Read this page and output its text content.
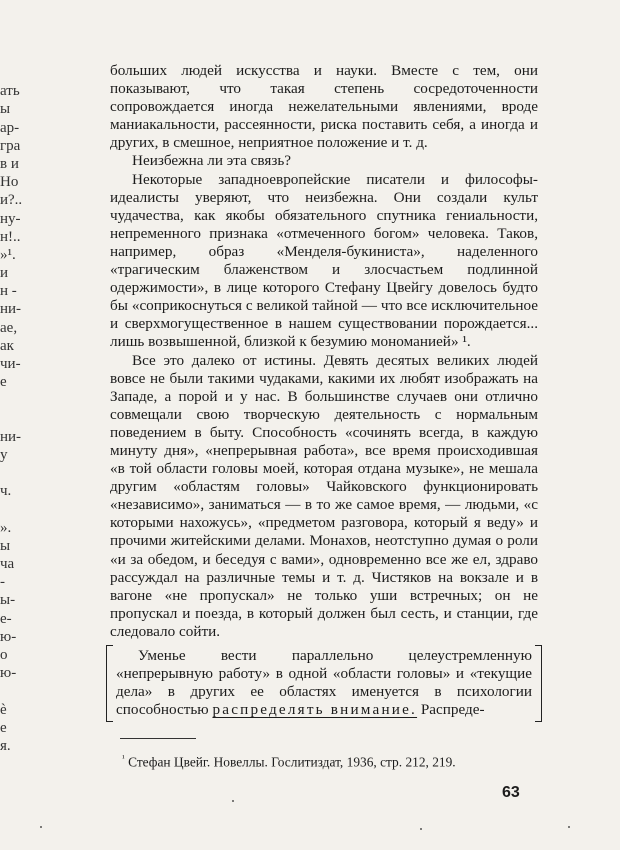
ать
ы
ар-
гра
в и
Но
и?..
ну-
н!..
»¹.
и
н -
ни-
ае,
ак
чи-
е
ни-
у
ч.
».
ы
ча
-
ы-
е-
ю-
о
ю-
ѐ
е
я.

больших людей искусства и науки. Вместе с тем, они показывают, что такая степень сосредоточенности сопровождается иногда нежелательными явлениями, вроде маниакальности, рассеянности, риска поставить себя, а иногда и других, в смешное, неприятное положение и т. д.

Неизбежна ли эта связь?

Некоторые западноевропейские писатели и философы-идеалисты уверяют, что неизбежна. Они создали культ чудачества, как якобы обязательного спутника гениальности, непременного признака «отмеченного богом» человека. Таков, например, образ «Менделя-букиниста», наделенного «трагическим блаженством и злосчастьем подлинной одержимости», в лице которого Стефану Цвейгу довелось будто бы «соприкоснуться с великой тайной — что все исключительное и сверхмогущественное в нашем существовании порождается... лишь возвышенной, близкой к безумию мономанией» ¹.

Все это далеко от истины. Девять десятых великих людей вовсе не были такими чудаками, какими их любят изображать на Западе, а порой и у нас. В большинстве случаев они отлично совмещали свою творческую деятельность с нормальным поведением в быту. Способность «сочинять всегда, в каждую минуту дня», «непрерывная работа», все время происходившая «в той области головы моей, которая отдана музыке», не мешала другим «областям головы» Чайковского функционировать «независимо», заниматься — в то же самое время, — людьми, «с которыми нахожусь», «предметом разговора, который я веду» и прочими житейскими делами. Монахов, неотступно думая о роли «и за обедом, и беседуя с вами», одновременно все же ел, здраво рассуждал на различные темы и т. д. Чистяков на вокзале и в вагоне «не пропускал» не только уши встречных; он не пропускал и поезда, в который должен был сесть, и станции, где следовало сойти.

Уменье вести параллельно целеустремленную «непрерывную работу» в одной «области головы» и «текущие дела» в других ее областях именуется в психологии способностью распределять внимание. Распреде-

$^{^1}$ Стефан Цвейг. Новеллы. Гослитиздат, 1936, стр. 212, 219.
63
